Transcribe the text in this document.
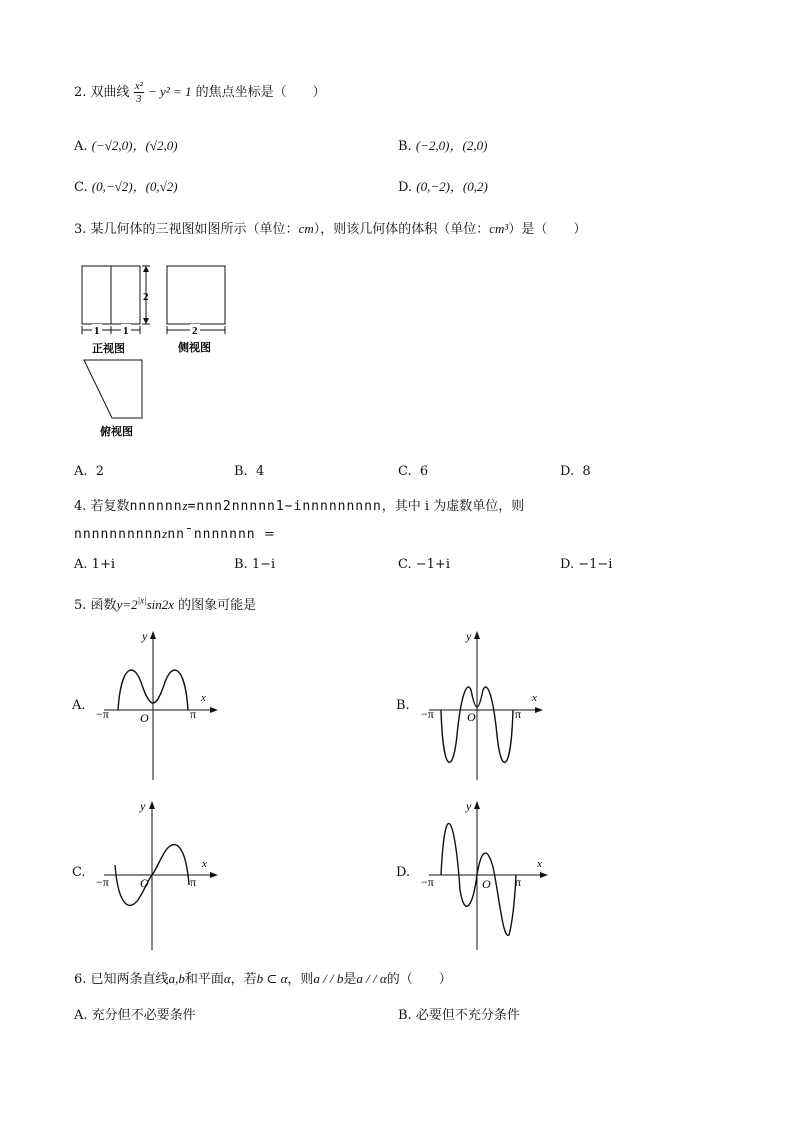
2. 双曲线 $\frac{\text{x²}}{3} - y^2 = 1$ 的焦点坐标是（　　）
A. (−√2,0)，(√2,0)	B. (−2,0)，(2,0)
C. (0,−√2)，(0,√2)	D. (0,−2)，(0,2)
3. 某几何体的三视图如图所示（单位：cm），则该几何体的体积（单位：cm³）是（　　）
2
1 1
正视图
2
侧视图
俯视图
A. 2	B. 4	C. 6	D. 8
4. 若复数nnnnnnz=nnn2nnnnn1−innnnnnnnn，其中 i 为虚数单位，则
nnnnnnnnnnznn¯nnnnnnn =
A. 1+i	B. 1−i	C. −1+i	D. −1−i
5. 函数$y=2^{|x|}\sin 2x$ 的图象可能是
A.
y
x
O
−π	π
B.
y
x
O
−π	π
C.
y
x
O
−π	π
D.
y
x
O
−π	π
6. 已知两条直线a,b和平面α，若b ⊂ α，则a / / b是a / / α的（　　）
A. 充分但不必要条件	B. 必要但不充分条件
